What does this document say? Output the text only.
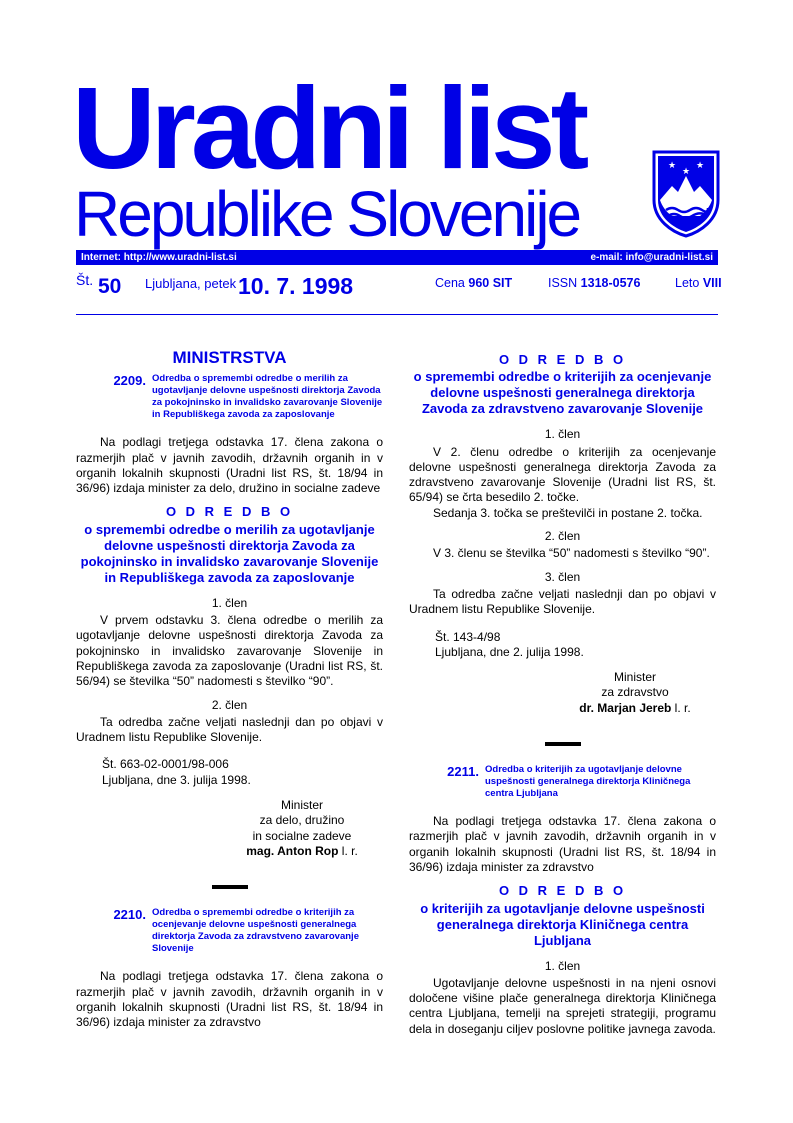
Uradni list
Republike Slovenije
★ ★
★
Internet: http://www.uradni-list.si	e-mail: info@uradni-list.si
Št. 50 Ljubljana, petek 10. 7. 1998	Cena 960 SIT	ISSN 1318-0576	Leto VIII
MINISTRSTVA
2209. Odredba o spremembi odredbe o merilih za ugotavljanje delovne uspešnosti direktorja Zavoda za pokojninsko in invalidsko zavarovanje Slovenije in Republiškega zavoda za zaposlovanje

Na podlagi tretjega odstavka 17. člena zakona o razmerjih plač v javnih zavodih, državnih organih in v organih lokalnih skupnosti (Uradni list RS, št. 18/94 in 36/96) izdaja minister za delo, družino in socialne zadeve

O D R E D B O
o spremembi odredbe o merilih za ugotavljanje delovne uspešnosti direktorja Zavoda za pokojninsko in invalidsko zavarovanje Slovenije in Republiškega zavoda za zaposlovanje
1. člen

V prvem odstavku 3. člena odredbe o merilih za ugotavljanje delovne uspešnosti direktorja Zavoda za pokojninsko in invalidsko zavarovanje Slovenije in Republiškega zavoda za zaposlovanje (Uradni list RS, št. 56/94) se številka “50” nadomesti s številko “90”.

2. člen

Ta odredba začne veljati naslednji dan po objavi v Uradnem listu Republike Slovenije.

Št. 663-02-0001/98-006

Ljubljana, dne 3. julija 1998.

Minister
za delo, družino
in socialne zadeve
mag. Anton Rop l. r.
2210. Odredba o spremembi odredbe o kriterijih za ocenjevanje delovne uspešnosti generalnega direktorja Zavoda za zdravstveno zavarovanje Slovenije

Na podlagi tretjega odstavka 17. člena zakona o razmerjih plač v javnih zavodih, državnih organih in v organih lokalnih skupnosti (Uradni list RS, št. 18/94 in 36/96) izdaja minister za zdravstvo

O D R E D B O
o spremembi odredbe o kriterijih za ocenjevanje delovne uspešnosti generalnega direktorja Zavoda za zdravstveno zavarovanje Slovenije
1. člen

V 2. členu odredbe o kriterijih za ocenjevanje delovne uspešnosti generalnega direktorja Zavoda za zdravstveno zavarovanje Slovenije (Uradni list RS, št. 65/94) se črta besedilo 2. točke.

Sedanja 3. točka se preštevilči in postane 2. točka.

2. člen

V 3. členu se številka “50” nadomesti s številko “90”.

3. člen

Ta odredba začne veljati naslednji dan po objavi v Uradnem listu Republike Slovenije.

Št. 143-4/98

Ljubljana, dne 2. julija 1998.

Minister
za zdravstvo
dr. Marjan Jereb l. r.
2211. Odredba o kriterijih za ugotavljanje delovne uspešnosti generalnega direktorja Kliničnega centra Ljubljana

Na podlagi tretjega odstavka 17. člena zakona o razmerjih plač v javnih zavodih, državnih organih in v organih lokalnih skupnosti (Uradni list RS, št. 18/94 in 36/96) izdaja minister za zdravstvo

O D R E D B O
o kriterijih za ugotavljanje delovne uspešnosti generalnega direktorja Kliničnega centra Ljubljana
1. člen

Ugotavljanje delovne uspešnosti in na njeni osnovi določene višine plače generalnega direktorja Kliničnega centra Ljubljana, temelji na sprejeti strategiji, programu dela in doseganju ciljev poslovne politike javnega zavoda.
